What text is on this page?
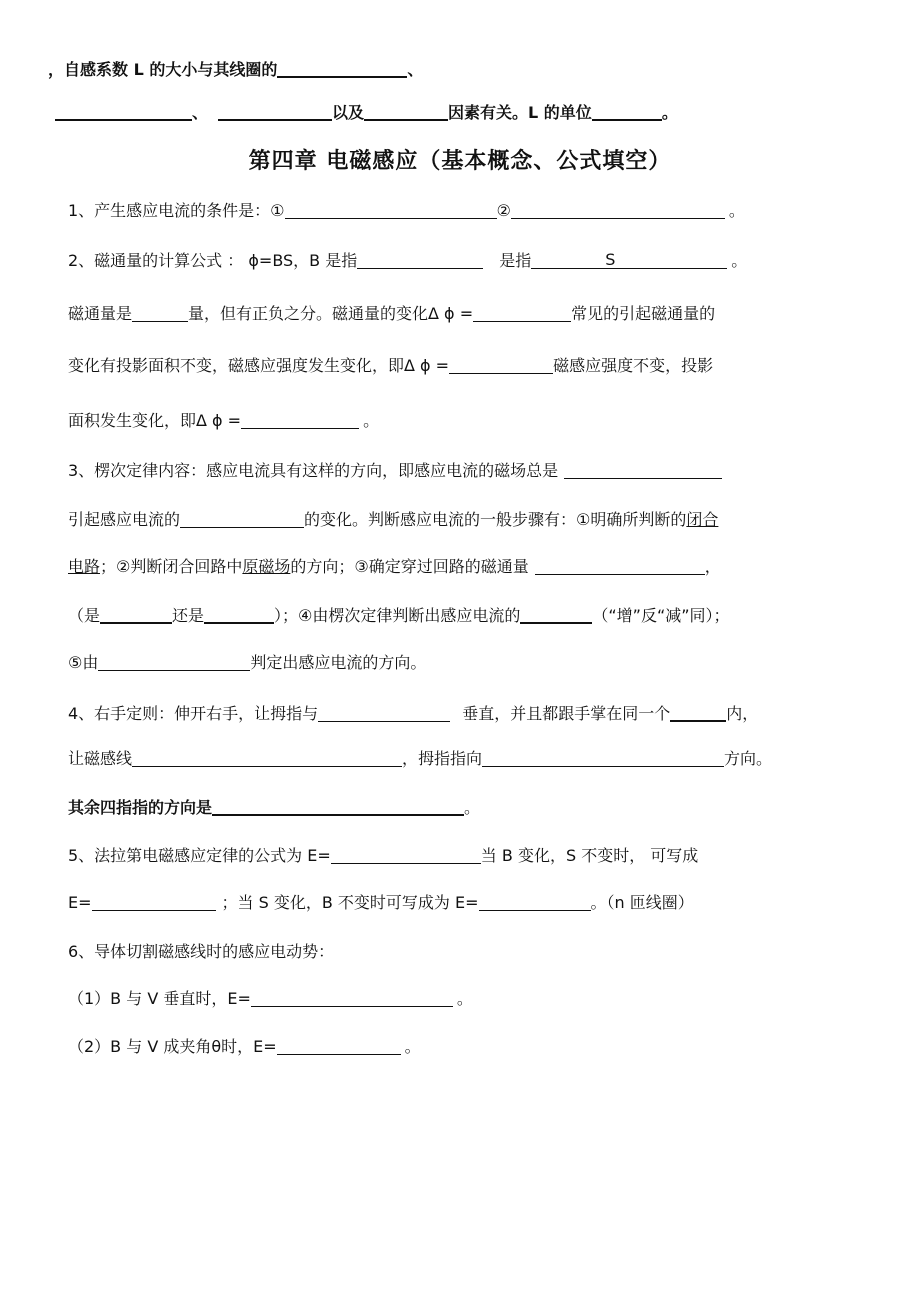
，自感系数 L 的大小与其线圈的	、
、	以及	因素有关。L 的单位	。
第四章 电磁感应（基本概念、公式填空）
1、产生感应电流的条件是：①	②	。
2、磁通量的计算公式 ： ϕ=BS，B 是指	是指	S	。
磁通量是	量，但有正负之分。磁通量的变化Δ ϕ =	常见的引起磁通量的
变化有投影面积不变，磁感应强度发生变化，即Δ ϕ =	磁感应强度不变，投影
面积发生变化，即Δ ϕ =	。
3、楞次定律内容：感应电流具有这样的方向，即感应电流的磁场总是
引起感应电流的	的变化。判断感应电流的一般步骤有：①明确所判断的闭合
电路；②判断闭合回路中原磁场的方向；③确定穿过回路的磁通量	，
（是	还是	）；④由楞次定律判断出感应电流的	（“增”反“减”同）；
⑤由	判定出感应电流的方向。
4、右手定则：伸开右手，让拇指与	垂直，并且都跟手掌在同一个	内，
让磁感线	，拇指指向	方向。
其余四指指的方向是	。
5、法拉第电磁感应定律的公式为 E=	当 B 变化，S 不变时， 可写成
E=	；当 S 变化，B 不变时可写成为 E=	。（n 匝线圈）
6、导体切割磁感线时的感应电动势：
（1）B 与 V 垂直时，E=	。
（2）B 与 V 成夹角θ时，E=	。
